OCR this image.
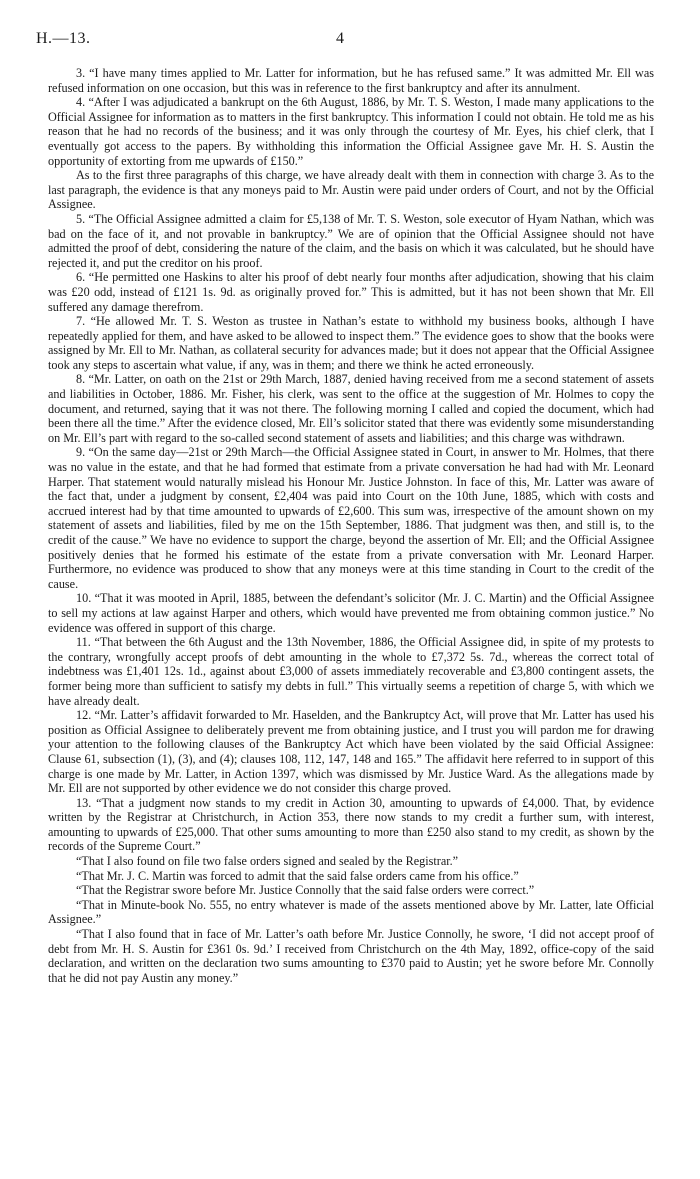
H.—13.	4

3. “I have many times applied to Mr. Latter for information, but he has refused same.” It was admitted Mr. Ell was refused information on one occasion, but this was in reference to the first bankruptcy and after its annulment.

4. “After I was adjudicated a bankrupt on the 6th August, 1886, by Mr. T. S. Weston, I made many applications to the Official Assignee for information as to matters in the first bankruptcy. This information I could not obtain. He told me as his reason that he had no records of the business; and it was only through the courtesy of Mr. Eyes, his chief clerk, that I eventually got access to the papers. By withholding this information the Official Assignee gave Mr. H. S. Austin the opportunity of extorting from me upwards of £150.”

As to the first three paragraphs of this charge, we have already dealt with them in connection with charge 3. As to the last paragraph, the evidence is that any moneys paid to Mr. Austin were paid under orders of Court, and not by the Official Assignee.

5. “The Official Assignee admitted a claim for £5,138 of Mr. T. S. Weston, sole executor of Hyam Nathan, which was bad on the face of it, and not provable in bankruptcy.” We are of opinion that the Official Assignee should not have admitted the proof of debt, considering the nature of the claim, and the basis on which it was calculated, but he should have rejected it, and put the creditor on his proof.

6. “He permitted one Haskins to alter his proof of debt nearly four months after adjudication, showing that his claim was £20 odd, instead of £121 1s. 9d. as originally proved for.” This is admitted, but it has not been shown that Mr. Ell suffered any damage therefrom.

7. “He allowed Mr. T. S. Weston as trustee in Nathan’s estate to withhold my business books, although I have repeatedly applied for them, and have asked to be allowed to inspect them.” The evidence goes to show that the books were assigned by Mr. Ell to Mr. Nathan, as collateral security for advances made; but it does not appear that the Official Assignee took any steps to ascertain what value, if any, was in them; and there we think he acted erroneously.

8. “Mr. Latter, on oath on the 21st or 29th March, 1887, denied having received from me a second statement of assets and liabilities in October, 1886. Mr. Fisher, his clerk, was sent to the office at the suggestion of Mr. Holmes to copy the document, and returned, saying that it was not there. The following morning I called and copied the document, which had been there all the time.” After the evidence closed, Mr. Ell’s solicitor stated that there was evidently some misunderstanding on Mr. Ell’s part with regard to the so-called second statement of assets and liabilities; and this charge was withdrawn.

9. “On the same day—21st or 29th March—the Official Assignee stated in Court, in answer to Mr. Holmes, that there was no value in the estate, and that he had formed that estimate from a private conversation he had had with Mr. Leonard Harper. That statement would naturally mislead his Honour Mr. Justice Johnston. In face of this, Mr. Latter was aware of the fact that, under a judgment by consent, £2,404 was paid into Court on the 10th June, 1885, which with costs and accrued interest had by that time amounted to upwards of £2,600. This sum was, irrespective of the amount shown on my statement of assets and liabilities, filed by me on the 15th September, 1886. That judgment was then, and still is, to the credit of the cause.” We have no evidence to support the charge, beyond the assertion of Mr. Ell; and the Official Assignee positively denies that he formed his estimate of the estate from a private conversation with Mr. Leonard Harper. Furthermore, no evidence was produced to show that any moneys were at this time standing in Court to the credit of the cause.

10. “That it was mooted in April, 1885, between the defendant’s solicitor (Mr. J. C. Martin) and the Official Assignee to sell my actions at law against Harper and others, which would have prevented me from obtaining common justice.” No evidence was offered in support of this charge.

11. “That between the 6th August and the 13th November, 1886, the Official Assignee did, in spite of my protests to the contrary, wrongfully accept proofs of debt amounting in the whole to £7,372 5s. 7d., whereas the correct total of indebtness was £1,401 12s. 1d., against about £3,000 of assets immediately recoverable and £3,800 contingent assets, the former being more than sufficient to satisfy my debts in full.” This virtually seems a repetition of charge 5, with which we have already dealt.

12. “Mr. Latter’s affidavit forwarded to Mr. Haselden, and the Bankruptcy Act, will prove that Mr. Latter has used his position as Official Assignee to deliberately prevent me from obtaining justice, and I trust you will pardon me for drawing your attention to the following clauses of the Bankruptcy Act which have been violated by the said Official Assignee: Clause 61, subsection (1), (3), and (4); clauses 108, 112, 147, 148 and 165.” The affidavit here referred to in support of this charge is one made by Mr. Latter, in Action 1397, which was dismissed by Mr. Justice Ward. As the allegations made by Mr. Ell are not supported by other evidence we do not consider this charge proved.

13. “That a judgment now stands to my credit in Action 30, amounting to upwards of £4,000. That, by evidence written by the Registrar at Christchurch, in Action 353, there now stands to my credit a further sum, with interest, amounting to upwards of £25,000. That other sums amounting to more than £250 also stand to my credit, as shown by the records of the Supreme Court.”

“That I also found on file two false orders signed and sealed by the Registrar.”

“That Mr. J. C. Martin was forced to admit that the said false orders came from his office.”

“That the Registrar swore before Mr. Justice Connolly that the said false orders were correct.”

“That in Minute-book No. 555, no entry whatever is made of the assets mentioned above by Mr. Latter, late Official Assignee.”

“That I also found that in face of Mr. Latter’s oath before Mr. Justice Connolly, he swore, ‘I did not accept proof of debt from Mr. H. S. Austin for £361 0s. 9d.’ I received from Christchurch on the 4th May, 1892, office-copy of the said declaration, and written on the declaration two sums amounting to £370 paid to Austin; yet he swore before Mr. Connolly that he did not pay Austin any money.”
